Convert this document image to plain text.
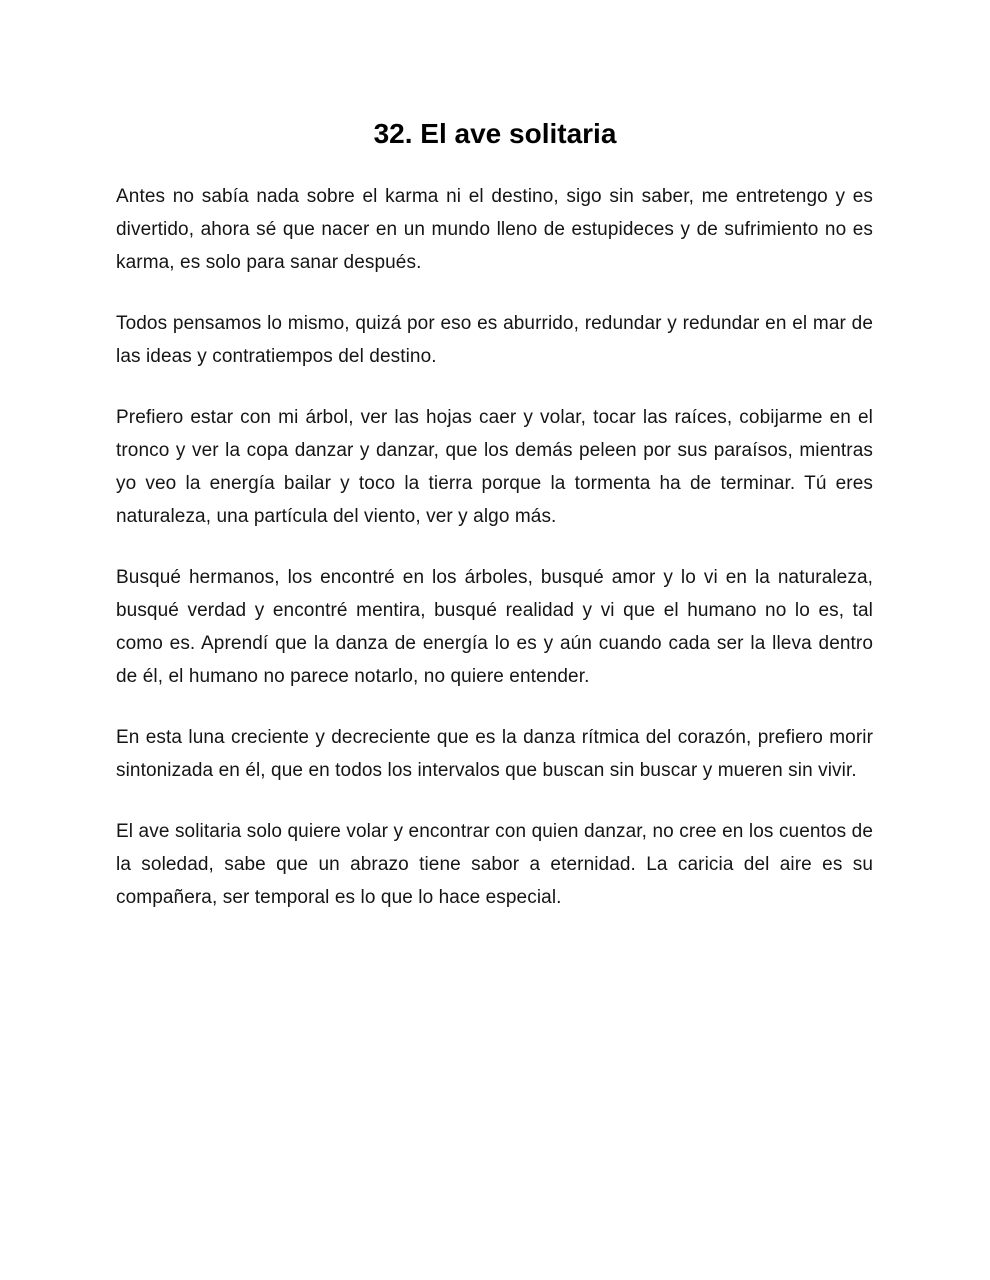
32. El ave solitaria

Antes no sabía nada sobre el karma ni el destino, sigo sin saber, me entretengo y es divertido, ahora sé que nacer en un mundo lleno de estupideces y de sufrimiento no es karma, es solo para sanar después.

Todos pensamos lo mismo, quizá por eso es aburrido, redundar y redundar en el mar de las ideas y contratiempos del destino.

Prefiero estar con mi árbol, ver las hojas caer y volar, tocar las raíces, cobijarme en el tronco y ver la copa danzar y danzar, que los demás peleen por sus paraísos, mientras yo veo la energía bailar y toco la tierra porque la tormenta ha de terminar. Tú eres naturaleza, una partícula del viento, ver y algo más.

Busqué hermanos, los encontré en los árboles, busqué amor y lo vi en la naturaleza, busqué verdad y encontré mentira, busqué realidad y vi que el humano no lo es, tal como es. Aprendí que la danza de energía lo es y aún cuando cada ser la lleva dentro de él, el humano no parece notarlo, no quiere entender.

En esta luna creciente y decreciente que es la danza rítmica del corazón, prefiero morir sintonizada en él, que en todos los intervalos que buscan sin buscar y mueren sin vivir.

El ave solitaria solo quiere volar y encontrar con quien danzar, no cree en los cuentos de la soledad, sabe que un abrazo tiene sabor a eternidad. La caricia del aire es su compañera, ser temporal es lo que lo hace especial.
